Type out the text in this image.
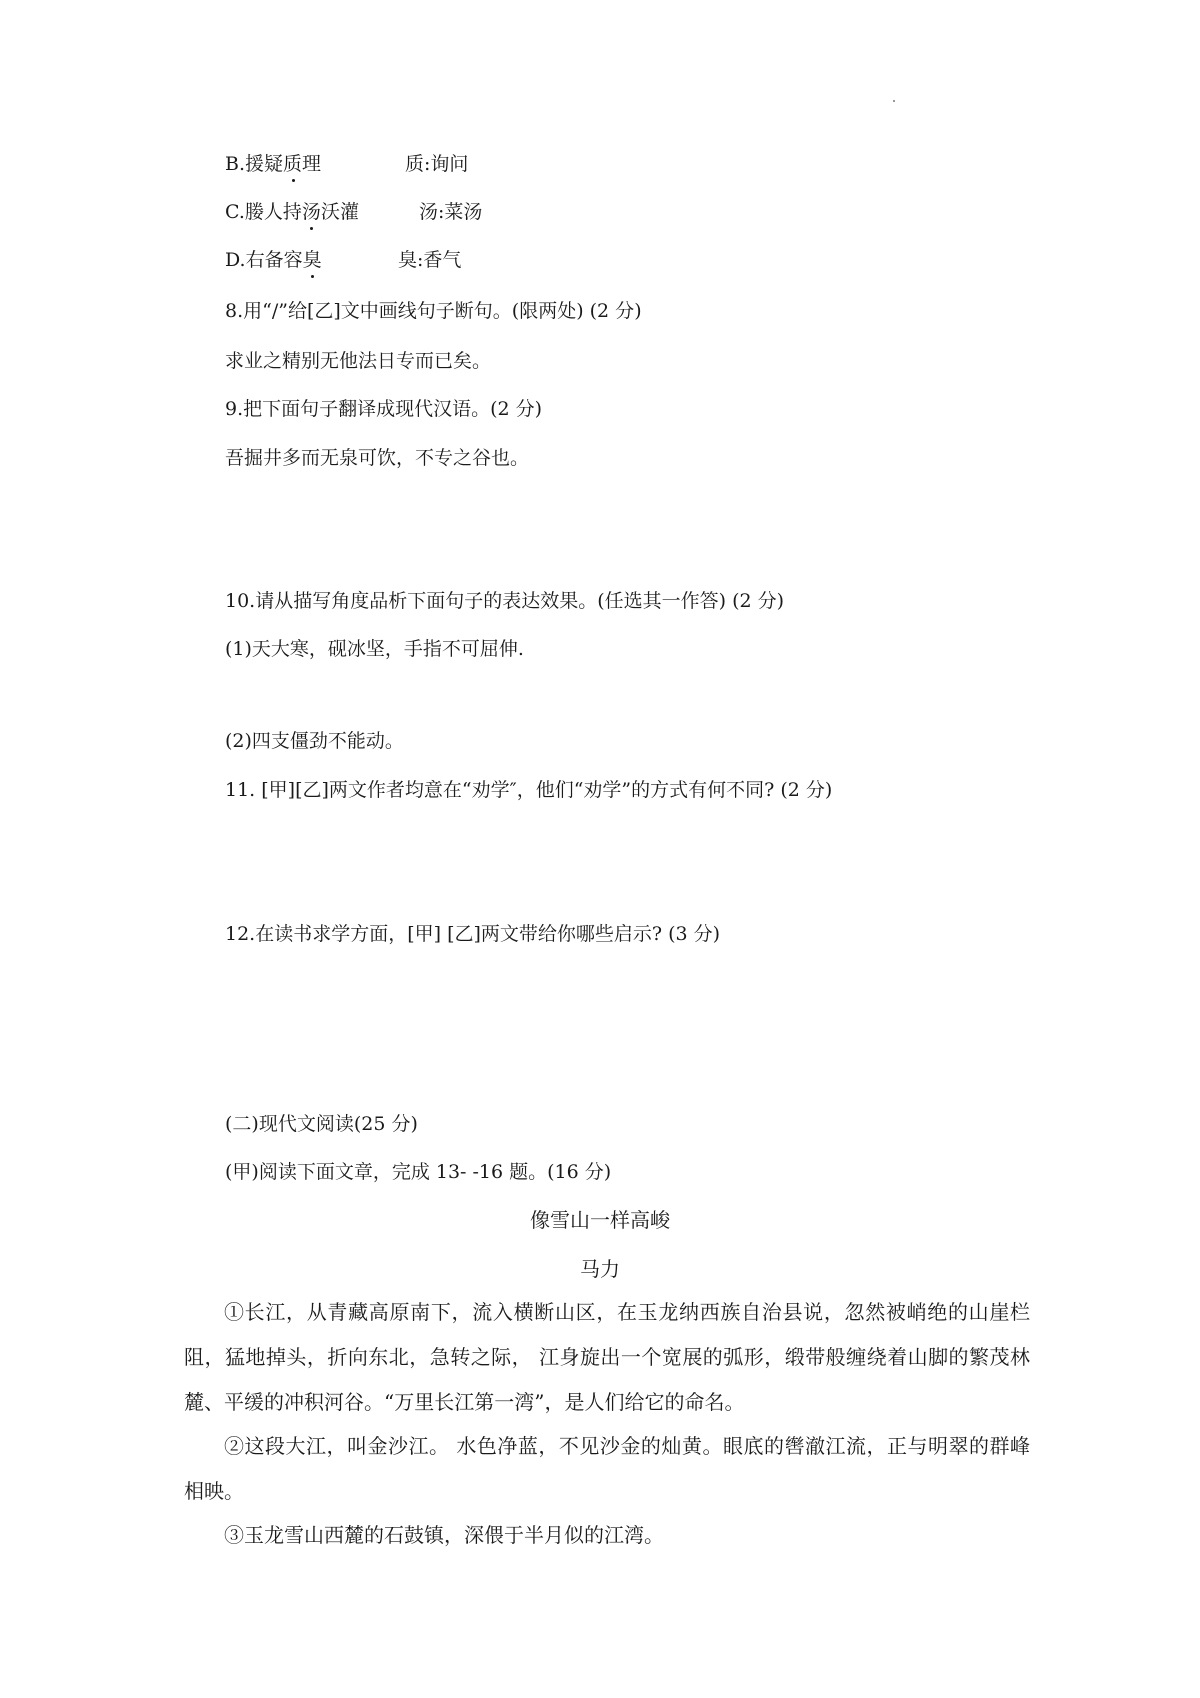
B.援疑质理	质:询问
C.媵人持汤沃灌	汤:菜汤
D.右备容臭	臭:香气
8.用“/”给[乙]文中画线句子断句。(限两处) (2 分)
求业之精别无他法日专而已矣。
9.把下面句子翻译成现代汉语。(2 分)
吾掘井多而无泉可饮，不专之谷也。
10.请从描写角度品析下面句子的表达效果。(任选其一作答) (2 分)
(1)天大寒，砚冰坚，手指不可屈伸.
(2)四支僵劲不能动。
11. [甲][乙]两文作者均意在“劝学″，他们“劝学”的方式有何不同? (2 分)
12.在读书求学方面，[甲] [乙]两文带给你哪些启示? (3 分)
(二)现代文阅读(25 分)
(甲)阅读下面文章，完成 13- -16 题。(16 分)
像雪山一样高峻
马力
①长江，从青藏高原南下，流入横断山区，在玉龙纳西族自治县说，忽然被峭绝的山崖栏阻，猛地掉头，折向东北，急转之际， 江身旋出一个宽展的弧形，缎带般缠绕着山脚的繁茂林麓、平缓的冲积河谷。“万里长江第一湾”，是人们给它的命名。
②这段大江，叫金沙江。 水色净蓝，不见沙金的灿黄。眼底的辔澈江流，正与明翠的群峰相映。
③玉龙雪山西麓的石鼓镇，深偎于半月似的江湾。
